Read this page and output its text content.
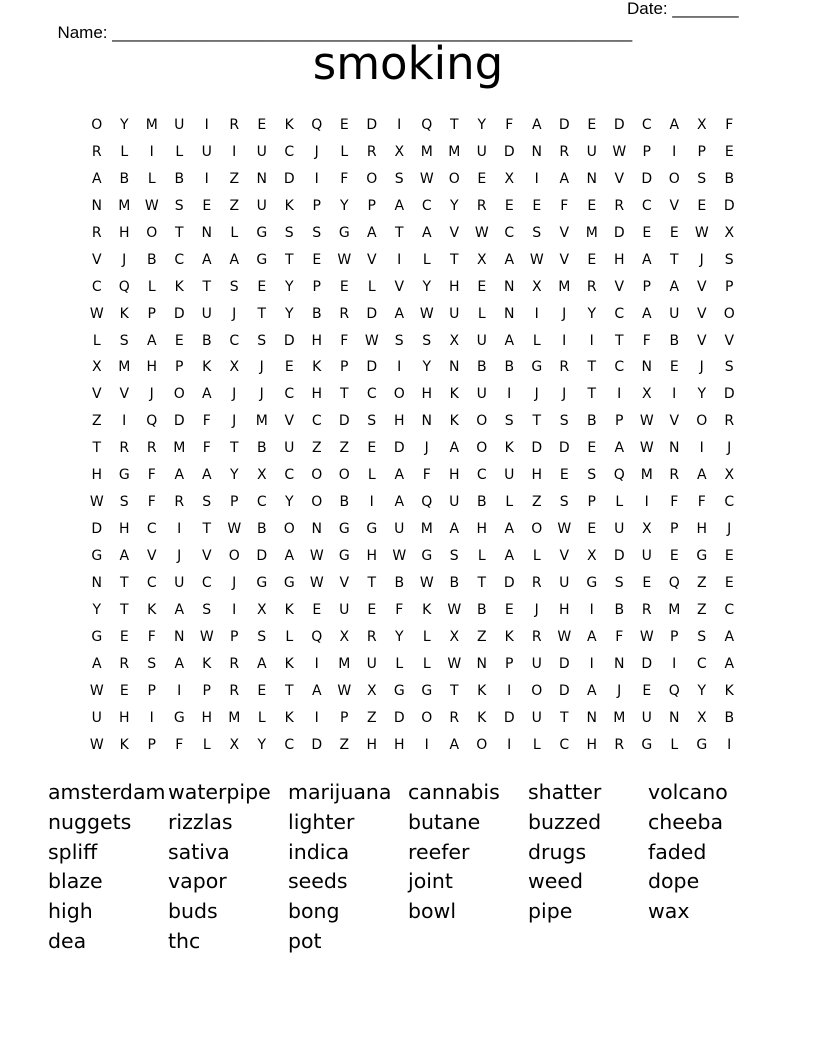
Name: _______________________________________________________

Date: _______

smoking
O	Y	M	U	I	R	E	K	Q	E	D	I	Q	T	Y	F	A	D	E	D	C	A	X	F
R	L	I	L	U	I	U	C	J	L	R	X	M	M	U	D	N	R	U	W	P	I	P	E
A	B	L	B	I	Z	N	D	I	F	O	S	W	O	E	X	I	A	N	V	D	O	S	B
N	M	W	S	E	Z	U	K	P	Y	P	A	C	Y	R	E	E	F	E	R	C	V	E	D
R	H	O	T	N	L	G	S	S	G	A	T	A	V	W	C	S	V	M	D	E	E	W	X
V	J	B	C	A	A	G	T	E	W	V	I	L	T	X	A	W	V	E	H	A	T	J	S
C	Q	L	K	T	S	E	Y	P	E	L	V	Y	H	E	N	X	M	R	V	P	A	V	P
W	K	P	D	U	J	T	Y	B	R	D	A	W	U	L	N	I	J	Y	C	A	U	V	O
L	S	A	E	B	C	S	D	H	F	W	S	S	X	U	A	L	I	I	T	F	B	V	V
X	M	H	P	K	X	J	E	K	P	D	I	Y	N	B	B	G	R	T	C	N	E	J	S
V	V	J	O	A	J	J	C	H	T	C	O	H	K	U	I	J	J	T	I	X	I	Y	D
Z	I	Q	D	F	J	M	V	C	D	S	H	N	K	O	S	T	S	B	P	W	V	O	R
T	R	R	M	F	T	B	U	Z	Z	E	D	J	A	O	K	D	D	E	A	W	N	I	J
H	G	F	A	A	Y	X	C	O	O	L	A	F	H	C	U	H	E	S	Q	M	R	A	X
W	S	F	R	S	P	C	Y	O	B	I	A	Q	U	B	L	Z	S	P	L	I	F	F	C
D	H	C	I	T	W	B	O	N	G	G	U	M	A	H	A	O	W	E	U	X	P	H	J
G	A	V	J	V	O	D	A	W	G	H	W	G	S	L	A	L	V	X	D	U	E	G	E
N	T	C	U	C	J	G	G	W	V	T	B	W	B	T	D	R	U	G	S	E	Q	Z	E
Y	T	K	A	S	I	X	K	E	U	E	F	K	W	B	E	J	H	I	B	R	M	Z	C
G	E	F	N	W	P	S	L	Q	X	R	Y	L	X	Z	K	R	W	A	F	W	P	S	A
A	R	S	A	K	R	A	K	I	M	U	L	L	W	N	P	U	D	I	N	D	I	C	A
W	E	P	I	P	R	E	T	A	W	X	G	G	T	K	I	O	D	A	J	E	Q	Y	K
U	H	I	G	H	M	L	K	I	P	Z	D	O	R	K	D	U	T	N	M	U	N	X	B
W	K	P	F	L	X	Y	C	D	Z	H	H	I	A	O	I	L	C	H	R	G	L	G	I
amsterdam waterpipe marijuana cannabis	shatter	volcano
nuggets	rizzlas	lighter	butane	buzzed	cheeba
spliff	sativa	indica	reefer	drugs	faded
blaze	vapor	seeds	joint	weed	dope
high	buds	bong	bowl	pipe	wax
dea	thc	pot
